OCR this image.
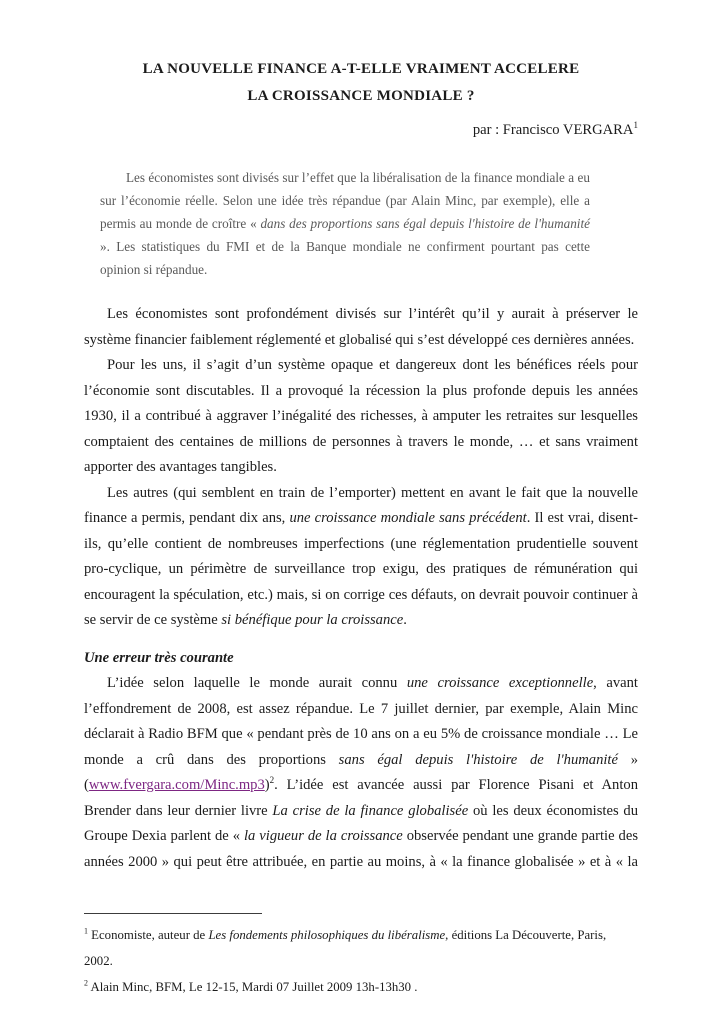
LA NOUVELLE FINANCE A-T-ELLE VRAIMENT ACCELERE
LA CROISSANCE MONDIALE ?
par : Francisco VERGARA$^1$
Les économistes sont divisés sur l’effet que la libéralisation de la finance mondiale a eu sur l’économie réelle. Selon une idée très répandue (par Alain Minc, par exemple), elle a permis au monde de croître « dans des proportions sans égal depuis l'histoire de l'humanité ». Les statistiques du FMI et de la Banque mondiale ne confirment pourtant pas cette opinion si répandue.

Les économistes sont profondément divisés sur l’intérêt qu’il y aurait à préserver le système financier faiblement réglementé et globalisé qui s’est développé ces dernières années.

Pour les uns, il s’agit d’un système opaque et dangereux dont les bénéfices réels pour l’économie sont discutables. Il a provoqué la récession la plus profonde depuis les années 1930, il a contribué à aggraver l’inégalité des richesses, à amputer les retraites sur lesquelles comptaient des centaines de millions de personnes à travers le monde, … et sans vraiment apporter des avantages tangibles.

Les autres (qui semblent en train de l’emporter) mettent en avant le fait que la nouvelle finance a permis, pendant dix ans, une croissance mondiale sans précédent. Il est vrai, disent-ils, qu’elle contient de nombreuses imperfections (une réglementation prudentielle souvent pro-cyclique, un périmètre de surveillance trop exigu, des pratiques de rémunération qui encouragent la spéculation, etc.) mais, si on corrige ces défauts, on devrait pouvoir continuer à se servir de ce système si bénéfique pour la croissance.

Une erreur très courante

L’idée selon laquelle le monde aurait connu une croissance exceptionnelle, avant l’effondrement de 2008, est assez répandue. Le 7 juillet dernier, par exemple, Alain Minc déclarait à Radio BFM que « pendant près de 10 ans on a eu 5% de croissance mondiale … Le monde a crû dans des proportions sans égal depuis l'histoire de l'humanité » (www.fvergara.com/Minc.mp3)$^2$. L’idée est avancée aussi par Florence Pisani et Anton Brender dans leur dernier livre La crise de la finance globalisée où les deux économistes du Groupe Dexia parlent de « la vigueur de la croissance observée pendant une grande partie des années 2000 » qui peut être attribuée, en partie au moins, à « la finance globalisée » et à « la

$^1$ Economiste, auteur de Les fondements philosophiques du libéralisme, éditions La Découverte, Paris, 2002.
$^2$ Alain Minc, BFM, Le 12-15, Mardi 07 Juillet 2009 13h-13h30 .
